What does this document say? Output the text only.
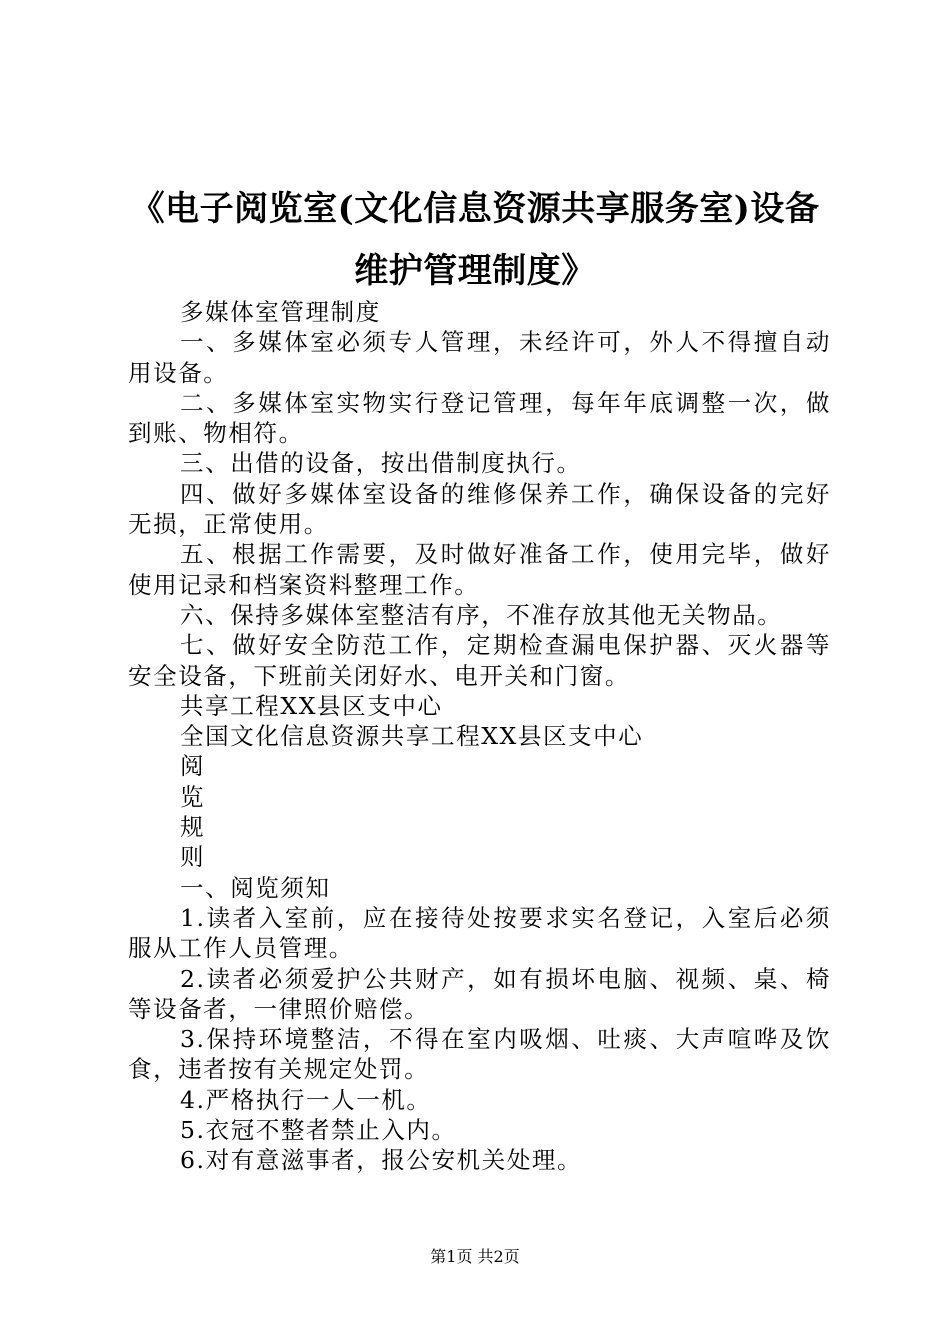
《电子阅览室(文化信息资源共享服务室)设备
维护管理制度》

多媒体室管理制度

一、多媒体室必须专人管理，未经许可，外人不得擅自动用设备。

二、多媒体室实物实行登记管理，每年年底调整一次，做到账、物相符。

三、出借的设备，按出借制度执行。

四、做好多媒体室设备的维修保养工作，确保设备的完好无损，正常使用。

五、根据工作需要，及时做好准备工作，使用完毕，做好使用记录和档案资料整理工作。

六、保持多媒体室整洁有序，不准存放其他无关物品。

七、做好安全防范工作，定期检查漏电保护器、灭火器等安全设备，下班前关闭好水、电开关和门窗。

共享工程XX县区支中心

全国文化信息资源共享工程XX县区支中心

阅

览

规

则

一、阅览须知

1.读者入室前，应在接待处按要求实名登记，入室后必须服从工作人员管理。

2.读者必须爱护公共财产，如有损坏电脑、视频、桌、椅等设备者，一律照价赔偿。

3.保持环境整洁，不得在室内吸烟、吐痰、大声喧哗及饮食，违者按有关规定处罚。

4.严格执行一人一机。

5.衣冠不整者禁止入内。

6.对有意滋事者，报公安机关处理。

第1页 共2页
